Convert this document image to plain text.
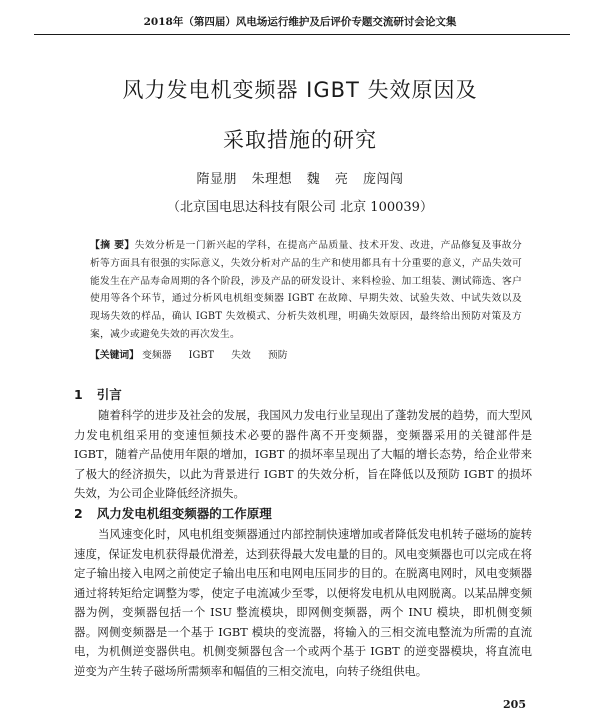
2018年（第四届）风电场运行维护及后评价专题交流研讨会论文集
风力发电机变频器 IGBT 失效原因及
采取措施的研究
隋显朋 朱理想 魏 亮 庞闯闯
（北京国电思达科技有限公司 北京 100039）
【摘 要】失效分析是一门新兴起的学科，在提高产品质量、技术开发、改进，产品修复及事故分析等方面具有很强的实际意义，失效分析对产品的生产和使用都具有十分重要的意义，产品失效可能发生在产品寿命周期的各个阶段，涉及产品的研发设计、来料检验、加工组装、测试筛选、客户使用等各个环节，通过分析风电机组变频器 IGBT 在故障、早期失效、试验失效、中试失效以及现场失效的样品，确认 IGBT 失效模式、分析失效机理，明确失效原因，最终给出预防对策及方案，减少或避免失效的再次发生。
【关键词】 变频器 IGBT 失效 预防
1 引言
随着科学的进步及社会的发展，我国风力发电行业呈现出了蓬勃发展的趋势，而大型风力发电机组采用的变速恒频技术必要的器件离不开变频器，变频器采用的关键部件是 IGBT，随着产品使用年限的增加，IGBT 的损坏率呈现出了大幅的增长态势，给企业带来了极大的经济损失，以此为背景进行 IGBT 的失效分析，旨在降低以及预防 IGBT 的损坏失效，为公司企业降低经济损失。
2 风力发电机组变频器的工作原理
当风速变化时，风电机组变频器通过内部控制快速增加或者降低发电机转子磁场的旋转速度，保证发电机获得最优滑差，达到获得最大发电量的目的。风电变频器也可以完成在将定子输出接入电网之前使定子输出电压和电网电压同步的目的。在脱离电网时，风电变频器通过将转矩给定调整为零，使定子电流减少至零，以便将发电机从电网脱离。以某品牌变频器为例，变频器包括一个 ISU 整流模块，即网侧变频器，两个 INU 模块，即机侧变频器。网侧变频器是一个基于 IGBT 模块的变流器，将输入的三相交流电整流为所需的直流电，为机侧逆变器供电。机侧变频器包含一个或两个基于 IGBT 的逆变器模块，将直流电逆变为产生转子磁场所需频率和幅值的三相交流电，向转子绕组供电。
205
